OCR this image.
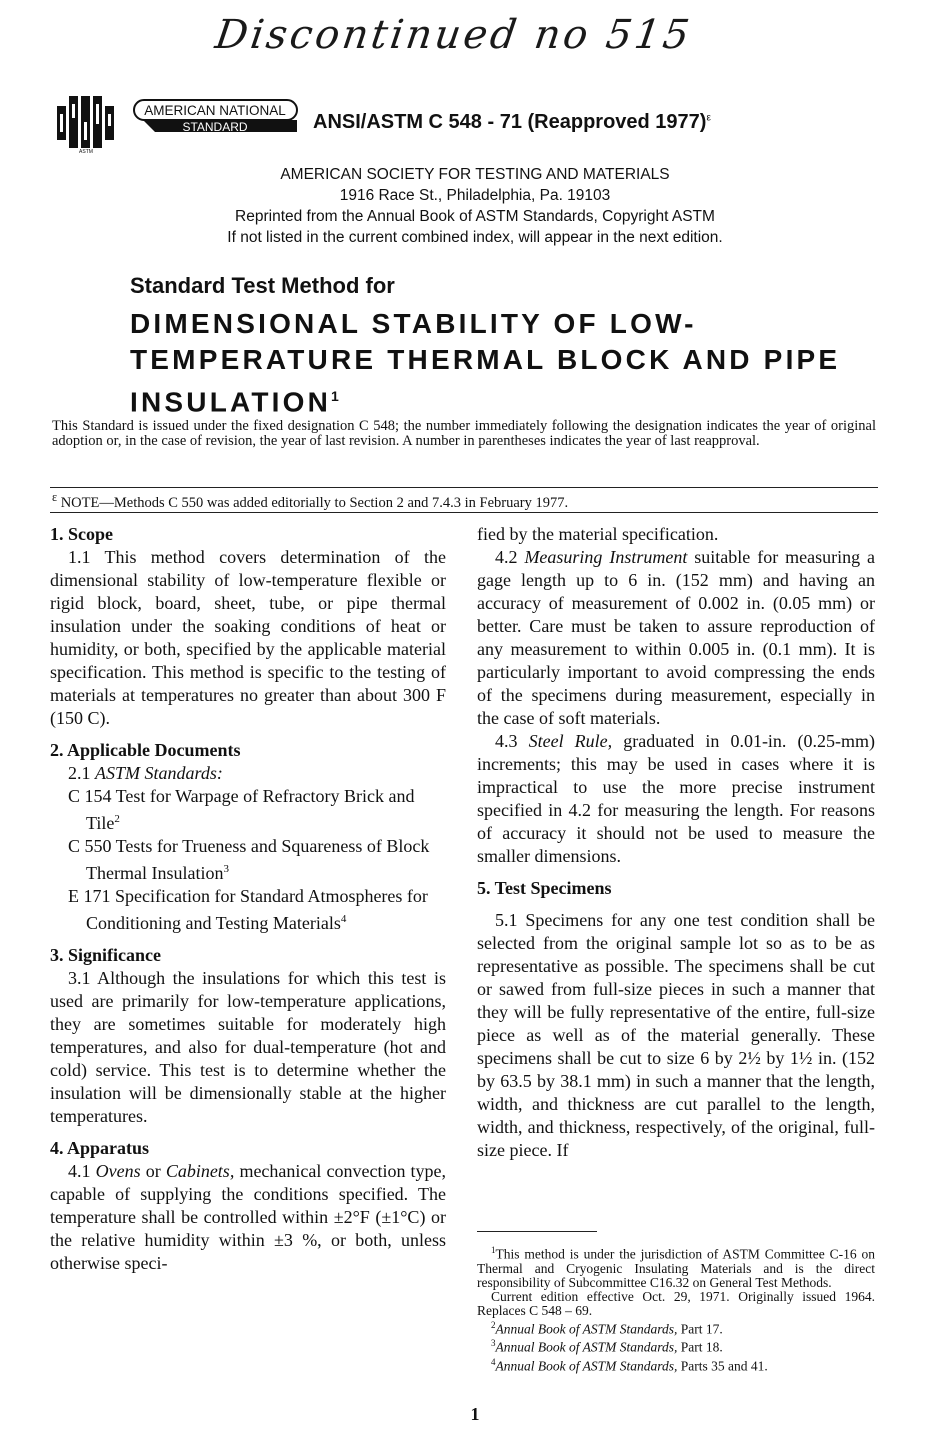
Discontinued no 515
ASTM
AMERICAN NATIONAL
STANDARD	ANSI/ASTM C 548 - 71 (Reapproved 1977)$^\varepsilon$
AMERICAN SOCIETY FOR TESTING AND MATERIALS
1916 Race St., Philadelphia, Pa. 19103
Reprinted from the Annual Book of ASTM Standards, Copyright ASTM
If not listed in the current combined index, will appear in the next edition.
Standard Test Method for
DIMENSIONAL STABILITY OF LOW-TEMPERATURE THERMAL BLOCK AND PIPE INSULATION$^1$
This Standard is issued under the fixed designation C 548; the number immediately following the designation indicates the year of original adoption or, in the case of revision, the year of last revision. A number in parentheses indicates the year of last reapproval.
$^\varepsilon$ NOTE—Methods C 550 was added editorially to Section 2 and 7.4.3 in February 1977.
1. Scope

1.1 This method covers determination of the dimensional stability of low-temperature flexible or rigid block, board, sheet, tube, or pipe thermal insulation under the soaking conditions of heat or humidity, or both, specified by the applicable material specification. This method is specific to the testing of materials at temperatures no greater than about 300 F (150 C).

2. Applicable Documents

2.1 ASTM Standards:

C 154 Test for Warpage of Refractory Brick and Tile$^2$

C 550 Tests for Trueness and Squareness of Block Thermal Insulation$^3$

E 171 Specification for Standard Atmospheres for Conditioning and Testing Materials$^4$

3. Significance

3.1 Although the insulations for which this test is used are primarily for low-temperature applications, they are sometimes suitable for moderately high temperatures, and also for dual-temperature (hot and cold) service. This test is to determine whether the insulation will be dimensionally stable at the higher temperatures.

4. Apparatus

4.1 Ovens or Cabinets, mechanical convection type, capable of supplying the conditions specified. The temperature shall be controlled within ±2°F (±1°C) or the relative humidity within ±3 %, or both, unless otherwise speci-

fied by the material specification.

4.2 Measuring Instrument suitable for measuring a gage length up to 6 in. (152 mm) and having an accuracy of measurement of 0.002 in. (0.05 mm) or better. Care must be taken to assure reproduction of any measurement to within 0.005 in. (0.1 mm). It is particularly important to avoid compressing the ends of the specimens during measurement, especially in the case of soft materials.

4.3 Steel Rule, graduated in 0.01-in. (0.25-mm) increments; this may be used in cases where it is impractical to use the more precise instrument specified in 4.2 for measuring the length. For reasons of accuracy it should not be used to measure the smaller dimensions.

5. Test Specimens

5.1 Specimens for any one test condition shall be selected from the original sample lot so as to be as representative as possible. The specimens shall be cut or sawed from full-size pieces in such a manner that they will be fully representative of the entire, full-size piece as well as of the material generally. These specimens shall be cut to size 6 by 2½ by 1½ in. (152 by 63.5 by 38.1 mm) in such a manner that the length, width, and thickness are cut parallel to the length, width, and thickness, respectively, of the original, full-size piece. If

$^1$This method is under the jurisdiction of ASTM Committee C-16 on Thermal and Cryogenic Insulating Materials and is the direct responsibility of Subcommittee C16.32 on General Test Methods.

Current edition effective Oct. 29, 1971. Originally issued 1964. Replaces C 548 – 69.

$^2$Annual Book of ASTM Standards, Part 17.

$^3$Annual Book of ASTM Standards, Part 18.

$^4$Annual Book of ASTM Standards, Parts 35 and 41.

1
